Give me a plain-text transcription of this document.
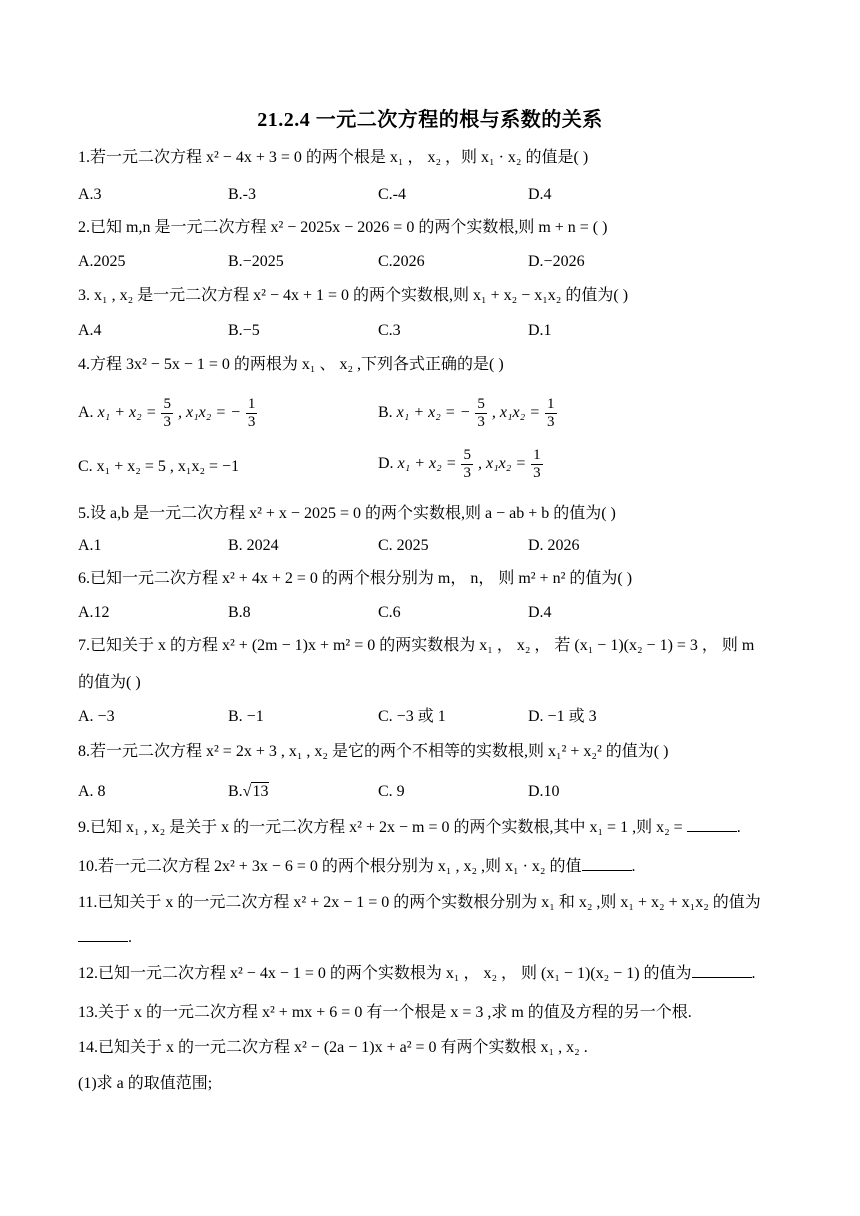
21.2.4 一元二次方程的根与系数的关系
1.若一元二次方程 x² − 4x + 3 = 0 的两个根是 x₁ ， x₂ ，则 x₁ · x₂ 的值是( )
A.3	B.-3	C.-4	D.4
2.已知 m,n 是一元二次方程 x² − 2025x − 2026 = 0 的两个实数根,则 m + n = ( )
A.2025	B.−2025	C.2026	D.−2026
3. x₁ , x₂ 是一元二次方程 x² − 4x + 1 = 0 的两个实数根,则 x₁ + x₂ − x₁x₂ 的值为( )
A.4	B.−5	C.3	D.1
4.方程 3x² − 5x − 1 = 0 的两根为 x₁ 、 x₂ ,下列各式正确的是( )
A. $x_1 + x_2 = \frac{5}{3}$ , x₁x₂ = − $\frac{1}{3}$	B. x₁ + x₂ = − $\frac{5}{3}$ , $x_1x_2 = \frac{1}{3}$
C. x₁ + x₂ = 5 , x₁x₂ = −1	D. $x_1 + x_2 = \frac{5}{3}$ , $x_1x_2 = \frac{1}{3}$
5.设 a,b 是一元二次方程 x² + x − 2025 = 0 的两个实数根,则 a − ab + b 的值为( )
A.1	B. 2024	C. 2025	D. 2026
6.已知一元二次方程 x² + 4x + 2 = 0 的两个根分别为 m， n， 则 m² + n² 的值为( )
A.12	B.8	C.6	D.4
7.已知关于 x 的方程 x² + (2m − 1)x + m² = 0 的两实数根为 x₁ ， x₂ ， 若 (x₁ − 1)(x₂ − 1) = 3 ， 则 m
的值为( )
A. −3	B. −1	C. −3 或 1	D. −1 或 3
8.若一元二次方程 x² = 2x + 3 , x₁ , x₂ 是它的两个不相等的实数根,则 x₁² + x₂² 的值为( )
A. 8	B.√13	C. 9	D.10
9.已知 x₁ , x₂ 是关于 x 的一元二次方程 x² + 2x − m = 0 的两个实数根,其中 x₁ = 1 ,则 x₂ =	.
10.若一元二次方程 2x² + 3x − 6 = 0 的两个根分别为 x₁ , x₂ ,则 x₁ · x₂ 的值	.
11.已知关于 x 的一元二次方程 x² + 2x − 1 = 0 的两个实数根分别为 x₁ 和 x₂ ,则 x₁ + x₂ + x₁x₂ 的值为
.
12.已知一元二次方程 x² − 4x − 1 = 0 的两个实数根为 x₁ ， x₂ ， 则 (x₁ − 1)(x₂ − 1) 的值为	.
13.关于 x 的一元二次方程 x² + mx + 6 = 0 有一个根是 x = 3 ,求 m 的值及方程的另一个根.
14.已知关于 x 的一元二次方程 x² − (2a − 1)x + a² = 0 有两个实数根 x₁ , x₂ .
(1)求 a 的取值范围;
